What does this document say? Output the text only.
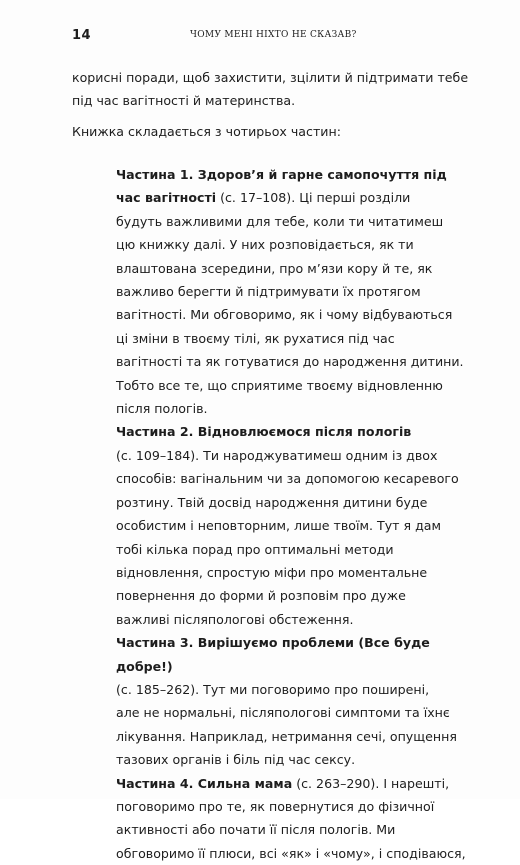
14	ЧОМУ МЕНІ НІХТО НЕ СКАЗАВ?

корисні поради, щоб захистити, зцілити й підтримати тебе

під час вагітності й материнства.

Книжка складається з чотирьох частин:

Частина 1. Здоров’я й гарне самопочуття під

час вагітності (с. 17–108). Ці перші розділи

будуть важливими для тебе, коли ти читатимеш

цю книжку далі. У них розповідається, як ти

влаштована зсередини, про м’язи кору й те, як

важливо берегти й підтримувати їх протягом

вагітності. Ми обговоримо, як і чому відбуваються

ці зміни в твоєму тілі, як рухатися під час

вагітності та як готуватися до народження дитини.

Тобто все те, що сприятиме твоєму відновленню

після пологів.

Частина 2. Відновлюємося після пологів

(с. 109–184). Ти народжуватимеш одним із двох

способів: вагінальним чи за допомогою кесаревого

розтину. Твій досвід народження дитини буде

особистим і неповторним, лише твоїм. Тут я дам

тобі кілька порад про оптимальні методи

відновлення, спростую міфи про моментальне

повернення до форми й розповім про дуже

важливі післяпологові обстеження.

Частина 3. Вирішуємо проблеми (Все буде добре!)

(с. 185–262). Тут ми поговоримо про поширені,

але не нормальні, післяпологові симптоми та їхнє

лікування. Наприклад, нетримання сечі, опущення

тазових органів і біль під час сексу.

Частина 4. Сильна мама (с. 263–290). І нарешті,

поговоримо про те, як повернутися до фізичної

активності або почати її після пологів. Ми

обговоримо її плюси, всі «як» і «чому», і сподіваюся,
